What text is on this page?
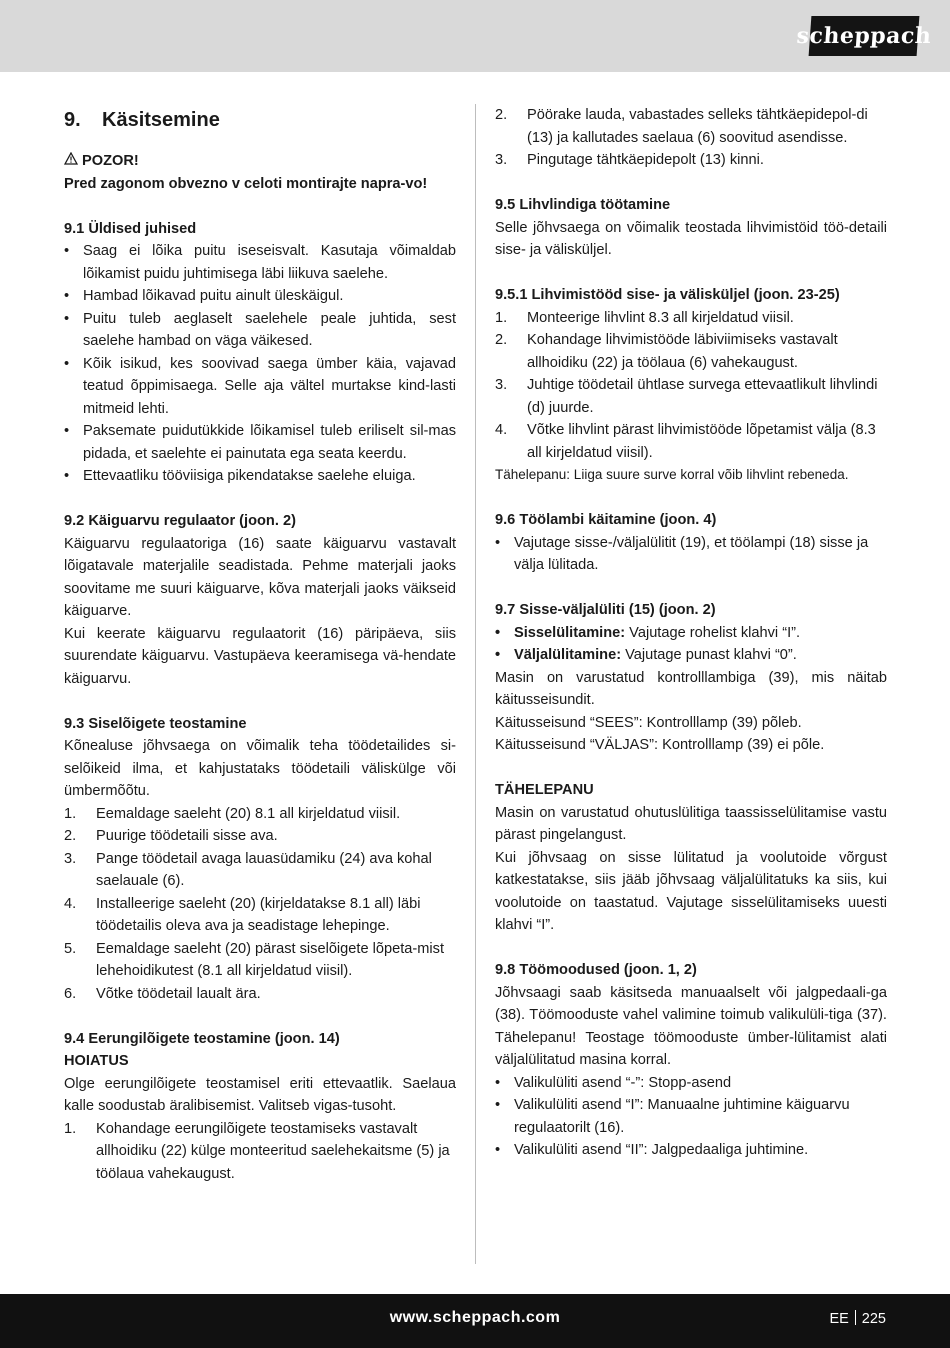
scheppach
9.	Käsitsemine

POZOR!

Pred zagonom obvezno v celoti montirajte naprа-vo!

9.1 Üldised juhised

• Saag ei lõika puitu iseseisvalt. Kasutaja võimaldab lõikamist puidu juhtimisega läbi liikuva saelehe.
• Hambad lõikavad puitu ainult üleskäigul.
• Puitu tuleb aeglaselt saelehele peale juhtida, sest saelehe hambad on väga väikesed.
• Kõik isikud, kes soovivad saega ümber käia, vajavad teatud õppimisaega. Selle aja vältel murtakse kind-lasti mitmeid lehti.
• Paksemate puidutükkide lõikamisel tuleb eriliselt sil-mas pidada, et saelehte ei painutata ega seata keerdu.
• Ettevaatliku tööviisiga pikendatakse saelehe eluiga.

9.2 Käiguarvu regulaator (joon. 2)

Käiguarvu regulaatoriga (16) saate käiguarvu vastavalt lõigatavale materjalile seadistada. Pehme materjali jaoks soovitame me suuri käiguarve, kõva materjali jaoks väikseid käiguarve.

Kui keerate käiguarvu regulaatorit (16) päripäeva, siis suurendate käiguarvu. Vastupäeva keeramisega vä-hendate käiguarvu.

9.3 Siselõigete teostamine

Kõnealuse jõhvsaega on võimalik teha töödetailides si-selõikeid ilma, et kahjustataks töödetaili väliskülge või ümbermõõtu.

1. Eemaldage saeleht (20) 8.1 all kirjeldatud viisil.
2. Puurige töödetaili sisse ava.
3. Pange töödetail avaga lauasüdamiku (24) ava kohal saelauale (6).
4. Installeerige saeleht (20) (kirjeldatakse 8.1 all) läbi töödetailis oleva ava ja seadistage lehepinge.
5. Eemaldage saeleht (20) pärast siselõigete lõpeta-mist lehehoidikutest (8.1 all kirjeldatud viisil).
6. Võtke töödetail laualt ära.

9.4 Eerungilõigete teostamine (joon. 14)

HOIATUS

Olge eerungilõigete teostamisel eriti ettevaatlik. Saelaua kalle soodustab äralibisemist. Valitseb vigas-tusoht.

1. Kohandage eerungilõigete teostamiseks vastavalt allhoidiku (22) külge monteeritud saelehekaitsme (5) ja töölaua vahekaugust.
2. Pöörake lauda, vabastades selleks tähtkäepidepol-di (13) ja kallutades saelaua (6) soovitud asendisse.
3. Pingutage tähtkäepidepolt (13) kinni.

9.5 Lihvlindiga töötamine

Selle jõhvsaega on võimalik teostada lihvimistöid töö-detaili sise- ja välisküljel.

9.5.1 Lihvimistööd sise- ja välisküljel (joon. 23-25)

1. Monteerige lihvlint 8.3 all kirjeldatud viisil.
2. Kohandage lihvimistööde läbiviimiseks vastavalt allhoidiku (22) ja töölaua (6) vahekaugust.
3. Juhtige töödetail ühtlase survega ettevaatlikult lihvlindi (d) juurde.
4. Võtke lihvlint pärast lihvimistööde lõpetamist välja (8.3 all kirjeldatud viisil).

Tähelepanu: Liiga suure surve korral võib lihvlint rebeneda.

9.6 Töölambi käitamine (joon. 4)

• Vajutage sisse-/väljalülitit (19), et töölampi (18) sisse ja välja lülitada.

9.7 Sisse-väljalüliti (15) (joon. 2)

• Sisselülitamine: Vajutage rohelist klahvi “I”.
• Väljalülitamine: Vajutage punast klahvi “0”.

Masin on varustatud kontrolllambiga (39), mis näitab käitusseisundit.

Käitusseisund “SEES”: Kontrolllamp (39) põleb.

Käitusseisund “VÄLJAS”: Kontrolllamp (39) ei põle.

TÄHELEPANU

Masin on varustatud ohutuslülitiga taassisselülitamise vastu pärast pingelangust.

Kui jõhvsaag on sisse lülitatud ja voolutoide võrgust katkestatakse, siis jääb jõhvsaag väljalülitatuks ka siis, kui voolutoide on taastatud. Vajutage sisselülitamiseks uuesti klahvi “I”.

9.8 Töömoodused (joon. 1, 2)

Jõhvsaagi saab käsitseda manuaalselt või jalgpedaali-ga (38). Töömooduste vahel valimine toimub valikulüli-tiga (37). Tähelepanu! Teostage töömooduste ümber-lülitamist alati väljalülitatud masina korral.

• Valikulüliti asend “-”: Stopp-asend
• Valikulüliti asend “I”: Manuaalne juhtimine käiguarvu regulaatorilt (16).
• Valikulüliti asend “II”: Jalgpedaaliga juhtimine.
www.scheppach.com	EE 225
